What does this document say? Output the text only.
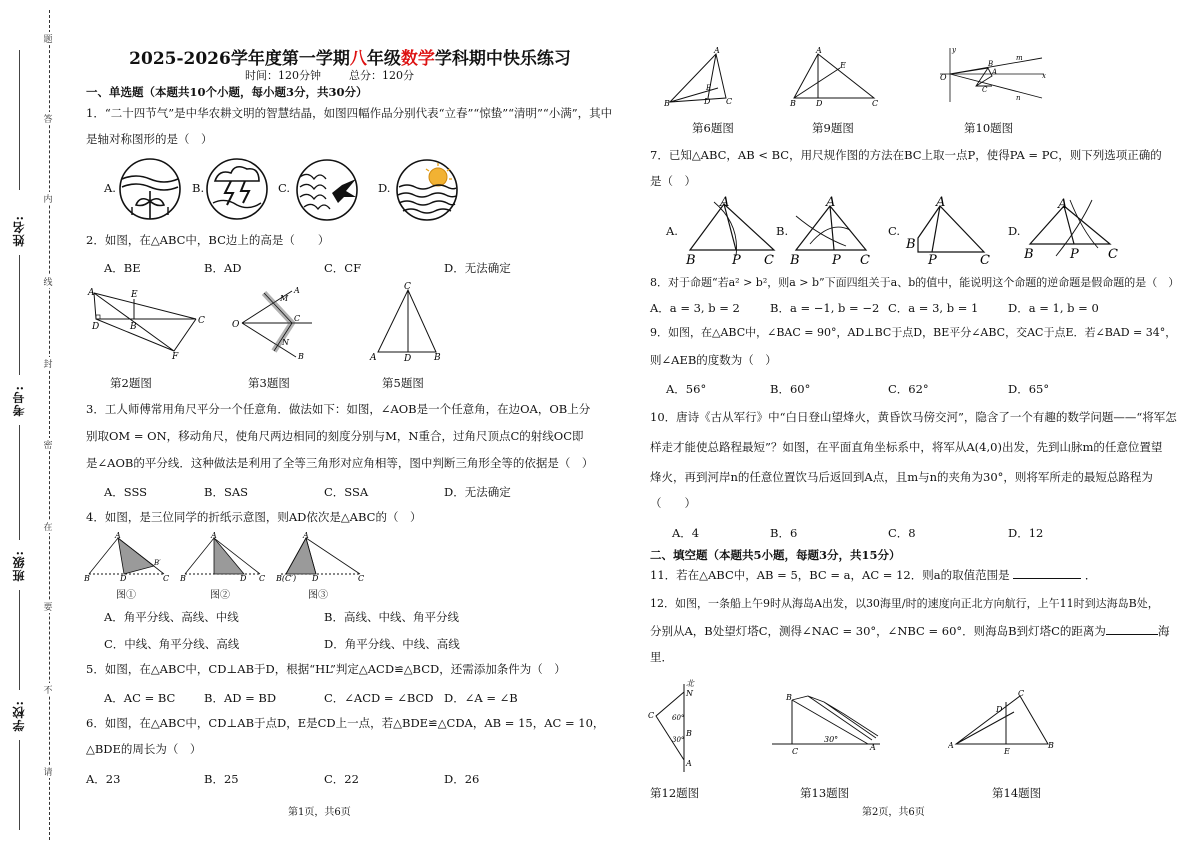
姓名:
考号:
班级:
学校:
题
答
内
线
封
密
在
要
不
请
2025-2026学年度第一学期八年级数学学科期中快乐练习
时间：120分钟	总分：120分
一、单选题（本题共10个小题，每小题3分，共30分）
1．“二十四节气”是中华农耕文明的智慧结晶，如图四幅作品分别代表“立春”“惊蛰”“清明”“小满”，其中
是轴对称图形的是（　）
A.	B.	C.	D.
2．如图，在△ABC中，BC边上的高是（　　）
A．BE	B．AD	C．CF	D．无法确定
A	E
D	B
C
F
O
M
C
N
A
B
C
A	D	B
第2题图	第3题图	第5题图
3．工人师傅常用角尺平分一个任意角．做法如下：如图，∠AOB是一个任意角，在边OA，OB上分
别取OM = ON，移动角尺，使角尺两边相同的刻度分别与M，N重合，过角尺顶点C的射线OC即
是∠AOB的平分线．这种做法是利用了全等三角形对应角相等，图中判断三角形全等的依据是（　）
A．SSS	B．SAS	C．SSA	D．无法确定
4．如图，是三位同学的折纸示意图，则AD依次是△ABC的（　）
A
B	D	C
B′
A
B	D C
A
B(C′) D	C
图①	图②	图③
A．角平分线、高线、中线	B．高线、中线、角平分线
C．中线、角平分线、高线	D．角平分线、中线、高线
5．如图，在△ABC中，CD⊥AB于D，根据“HL”判定△ACD≌△BCD，还需添加条件为（　）
A．AC = BC B．AD = BD	C．∠ACD = ∠BCD D．∠A = ∠B
6．如图，在△ABC中，CD⊥AB于点D，E是CD上一点，若△BDE≌△CDA，AB = 15，AC = 10，
△BDE的周长为（　）
A．23	B．25	C．22	D．26
第1页，共6页
A
B	C
D
E
A
B	D	C
E
y
x
O
m
n
B
A
C
第6题图	第9题图	第10题图
7．已知△ABC，AB < BC，用尺规作图的方法在BC上取一点P，使得PA = PC，则下列选项正确的
是（　）
A.
A
B	P C
B.
A
B P C
C.
A
B
P	C
D.
A
B	P C
8．对于命题“若a² > b²，则a > b”下面四组关于a、b的值中，能说明这个命题的逆命题是假命题的是（　）
A．a = 3, b = 2	B．a = −1, b = −2 C．a = 3, b = 1	D．a = 1, b = 0
9．如图，在△ABC中，∠BAC = 90°，AD⊥BC于点D，BE平分∠ABC，交AC于点E．若∠BAD = 34°，
则∠AEB的度数为（　）
A．56°	B．60°	C．62°	D．65°
10．唐诗《古从军行》中“白日登山望烽火，黄昏饮马傍交河”，隐含了一个有趣的数学问题——“将军怎
样走才能使总路程最短”？如图，在平面直角坐标系中，将军从A(4,0)出发，先到山脉m的任意位置望
烽火，再到河岸n的任意位置饮马后返回到A点，且m与n的夹角为30°，则将军所走的最短总路程为
（　　）
A．4	B．6	C．8	D．12
二、填空题（本题共5小题，每题3分，共15分）
11．若在△ABC中，AB = 5，BC = a，AC = 12．则a的取值范围是	．
12．如图，一条船上午9时从海岛A出发，以30海里/时的速度向正北方向航行，上午11时到达海岛B处，
分别从A，B处望灯塔C，测得∠NAC = 30°，∠NBC = 60°．则海岛B到灯塔C的距离为	海
里．
北
N
C
B
A
60°
30°
B
C
30°
A
C
D
A
E
B
第12题图	第13题图	第14题图
第2页，共6页
